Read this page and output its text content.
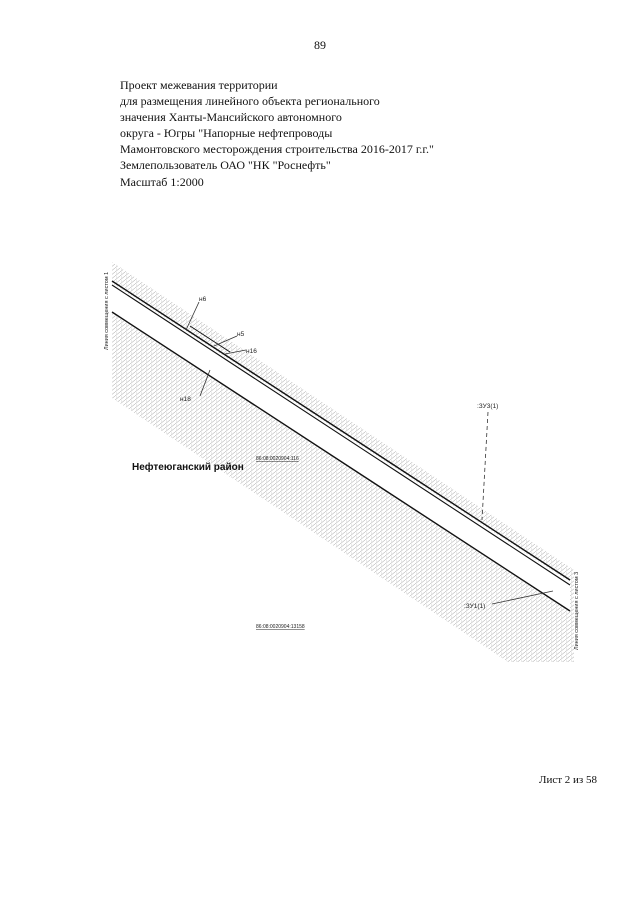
89
Проект межевания территории
для размещения линейного объекта регионального
значения Ханты-Мансийского автономного
округа - Югры "Напорные нефтепроводы
Мамонтовского месторождения строительства 2016-2017 г.г."
Землепользователь ОАО "НК "Роснефть"
Масштаб 1:2000
н6
н5
н16
н18
:ЗУ3(1)
:ЗУ1(1)
86:08:0020904:116
86:08:0020904:13158
Линия совмещения с листом 1
Линия совмещения с листом 3
Нефтеюганский район
Лист 2 из 58
